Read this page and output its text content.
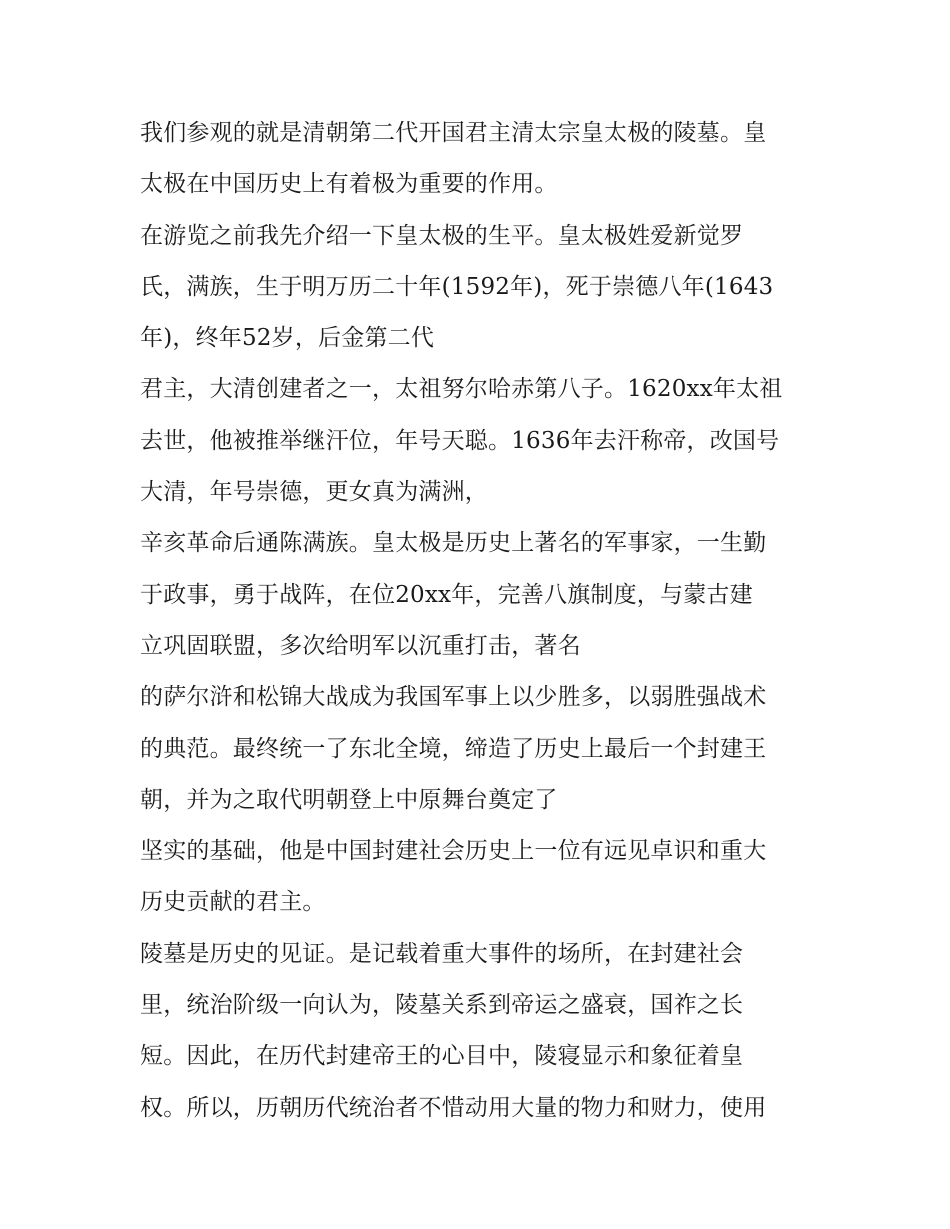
我们参观的就是清朝第二代开国君主清太宗皇太极的陵墓。皇
太极在中国历史上有着极为重要的作用。
在游览之前我先介绍一下皇太极的生平。皇太极姓爱新觉罗
氏，满族，生于明万历二十年(1592年)，死于崇德八年(1643
年)，终年52岁，后金第二代
君主，大清创建者之一，太祖努尔哈赤第八子。1620xx年太祖
去世，他被推举继汗位，年号天聪。1636年去汗称帝，改国号
大清，年号崇德，更女真为满洲，
辛亥革命后通陈满族。皇太极是历史上著名的军事家，一生勤
于政事，勇于战阵，在位20xx年，完善八旗制度，与蒙古建
立巩固联盟，多次给明军以沉重打击，著名
的萨尔浒和松锦大战成为我国军事上以少胜多，以弱胜强战术
的典范。最终统一了东北全境，缔造了历史上最后一个封建王
朝，并为之取代明朝登上中原舞台奠定了
坚实的基础，他是中国封建社会历史上一位有远见卓识和重大
历史贡献的君主。
陵墓是历史的见证。是记载着重大事件的场所，在封建社会
里，统治阶级一向认为，陵墓关系到帝运之盛衰，国祚之长
短。因此，在历代封建帝王的心目中，陵寝显示和象征着皇
权。所以，历朝历代统治者不惜动用大量的物力和财力，使用
